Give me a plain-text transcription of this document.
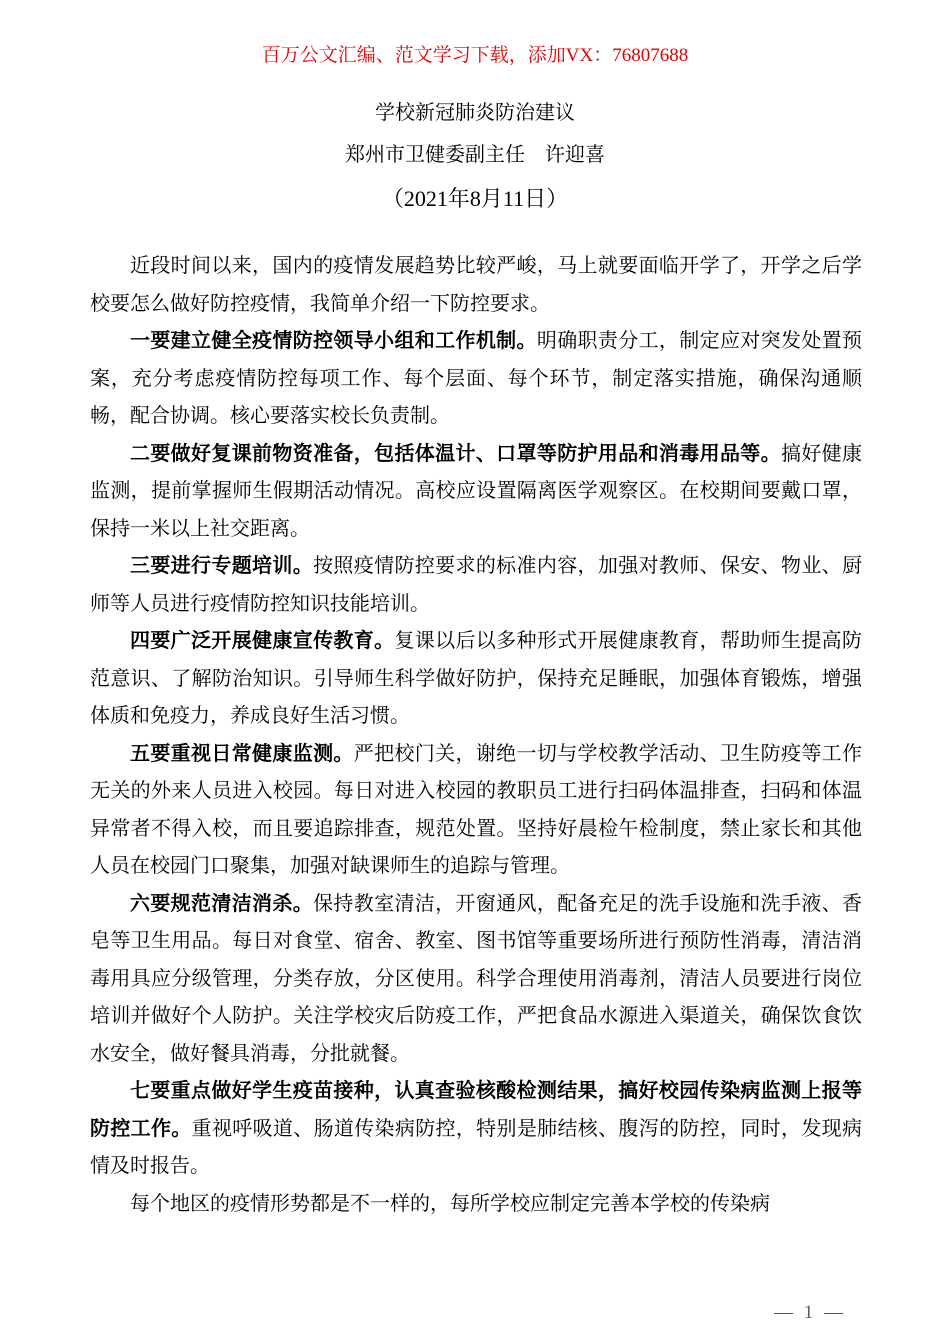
百万公文汇编、范文学习下载，添加VX：76807688
学校新冠肺炎防治建议
郑州市卫健委副主任　许迎喜
（2021年8月11日）

近段时间以来，国内的疫情发展趋势比较严峻，马上就要面临开学了，开学之后学校要怎么做好防控疫情，我简单介绍一下防控要求。

一要建立健全疫情防控领导小组和工作机制。明确职责分工，制定应对突发处置预案，充分考虑疫情防控每项工作、每个层面、每个环节，制定落实措施，确保沟通顺畅，配合协调。核心要落实校长负责制。

二要做好复课前物资准备，包括体温计、口罩等防护用品和消毒用品等。搞好健康监测，提前掌握师生假期活动情况。高校应设置隔离医学观察区。在校期间要戴口罩，保持一米以上社交距离。

三要进行专题培训。按照疫情防控要求的标准内容，加强对教师、保安、物业、厨师等人员进行疫情防控知识技能培训。

四要广泛开展健康宣传教育。复课以后以多种形式开展健康教育，帮助师生提高防范意识、了解防治知识。引导师生科学做好防护，保持充足睡眠，加强体育锻炼，增强体质和免疫力，养成良好生活习惯。

五要重视日常健康监测。严把校门关，谢绝一切与学校教学活动、卫生防疫等工作无关的外来人员进入校园。每日对进入校园的教职员工进行扫码体温排查，扫码和体温异常者不得入校，而且要追踪排查，规范处置。坚持好晨检午检制度，禁止家长和其他人员在校园门口聚集，加强对缺课师生的追踪与管理。

六要规范清洁消杀。保持教室清洁，开窗通风，配备充足的洗手设施和洗手液、香皂等卫生用品。每日对食堂、宿舍、教室、图书馆等重要场所进行预防性消毒，清洁消毒用具应分级管理，分类存放，分区使用。科学合理使用消毒剂，清洁人员要进行岗位培训并做好个人防护。关注学校灾后防疫工作，严把食品水源进入渠道关，确保饮食饮水安全，做好餐具消毒，分批就餐。

七要重点做好学生疫苗接种，认真查验核酸检测结果，搞好校园传染病监测上报等防控工作。重视呼吸道、肠道传染病防控，特别是肺结核、腹泻的防控，同时，发现病情及时报告。

每个地区的疫情形势都是不一样的，每所学校应制定完善本学校的传染病

— 1 —
